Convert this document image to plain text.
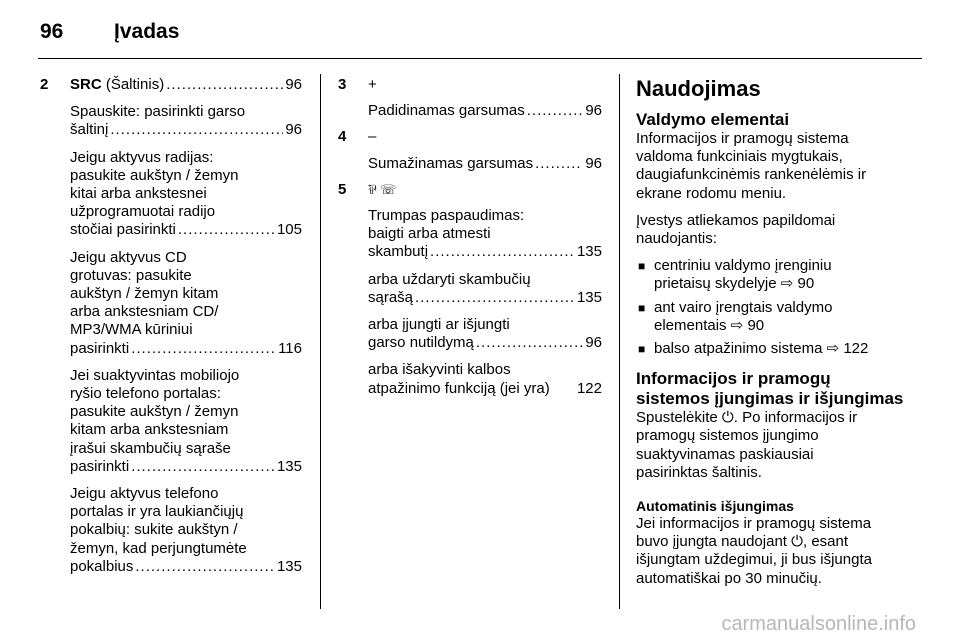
96	Įvadas
2 SRC (Šaltinis) .....	96
Spauskite: pasirinkti garso
šaltinį .....	96
Jeigu aktyvus radijas:
pasukite aukštyn / žemyn
kitai arba ankstesnei
užprogramuotai radijo
stočiai pasirinkti .....	105
Jeigu aktyvus CD
grotuvas: pasukite
aukštyn / žemyn kitam
arba ankstesniam CD/
MP3/WMA kūriniui
pasirinkti .....	116
Jei suaktyvintas mobiliojo
ryšio telefono portalas:
pasukite aukštyn / žemyn
kitam arba ankstesniam
įrašui skambučių sąraše
pasirinkti .....	135
Jeigu aktyvus telefono
portalas ir yra laukiančiųjų
pokalbių: sukite aukštyn /
žemyn, kad perjungtumėte
pokalbius .....	135
3 +
Padidinamas garsumas .....	96
4 –
Sumažinamas garsumas .....	96
5 ⅌ ☏
Trumpas paspaudimas:
baigti arba atmesti
skambutį .....	135
arba uždaryti skambučių
sąrašą .....	135
arba įjungti ar išjungti
garso nutildymą .....	96
arba išakyvinti kalbos
atpažinimo funkciją (jei yra) 122
Naudojimas
Valdymo elementai
Informacijos ir pramogų sistema
valdoma funkciniais mygtukais,
daugiafunkcinėmis rankenėlėmis ir
ekrane rodomu meniu.
Įvestys atliekamos papildomai
naudojantis:
■ centriniu valdymo įrenginiu
prietaisų skydelyje ⇨ 90
■ ant vairo įrengtais valdymo
elementais ⇨ 90
■ balso atpažinimo sistema ⇨ 122
Informacijos ir pramogų
sistemos įjungimas ir išjungimas
Spustelėkite ⏻. Po informacijos ir
pramogų sistemos įjungimo
suaktyvinamas paskiausiai
pasirinktas šaltinis.
Automatinis išjungimas
Jei informacijos ir pramogų sistema
buvo įjungta naudojant ⏻, esant
išjungtam uždegimui, ji bus išjungta
automatiškai po 30 minučių.
carmanualsonline.info
